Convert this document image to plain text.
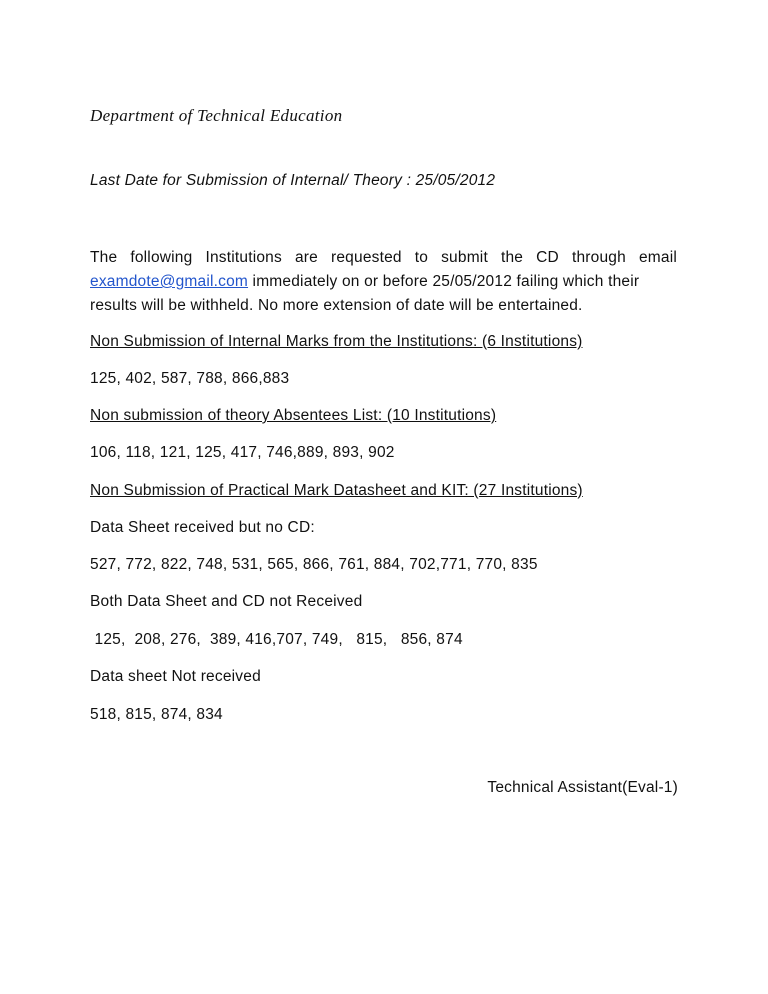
Department of Technical Education

Last Date for Submission of Internal/ Theory : 25/05/2012

The following Institutions are requested to submit the CD through email
examdote@gmail.com immediately on or before 25/05/2012 failing which their
results will be withheld. No more extension of date will be entertained.

Non Submission of Internal Marks from the Institutions: (6 Institutions)

125, 402, 587, 788, 866,883

Non submission of theory Absentees List: (10 Institutions)

106, 118, 121, 125, 417, 746,889, 893, 902

Non Submission of Practical Mark Datasheet and KIT: (27 Institutions)

Data Sheet received but no CD:

527, 772, 822, 748, 531, 565, 866, 761, 884, 702,771, 770, 835

Both Data Sheet and CD not Received

125,  208, 276,  389, 416,707, 749,   815,   856, 874

Data sheet Not received

518, 815, 874, 834

Technical Assistant(Eval-1)
